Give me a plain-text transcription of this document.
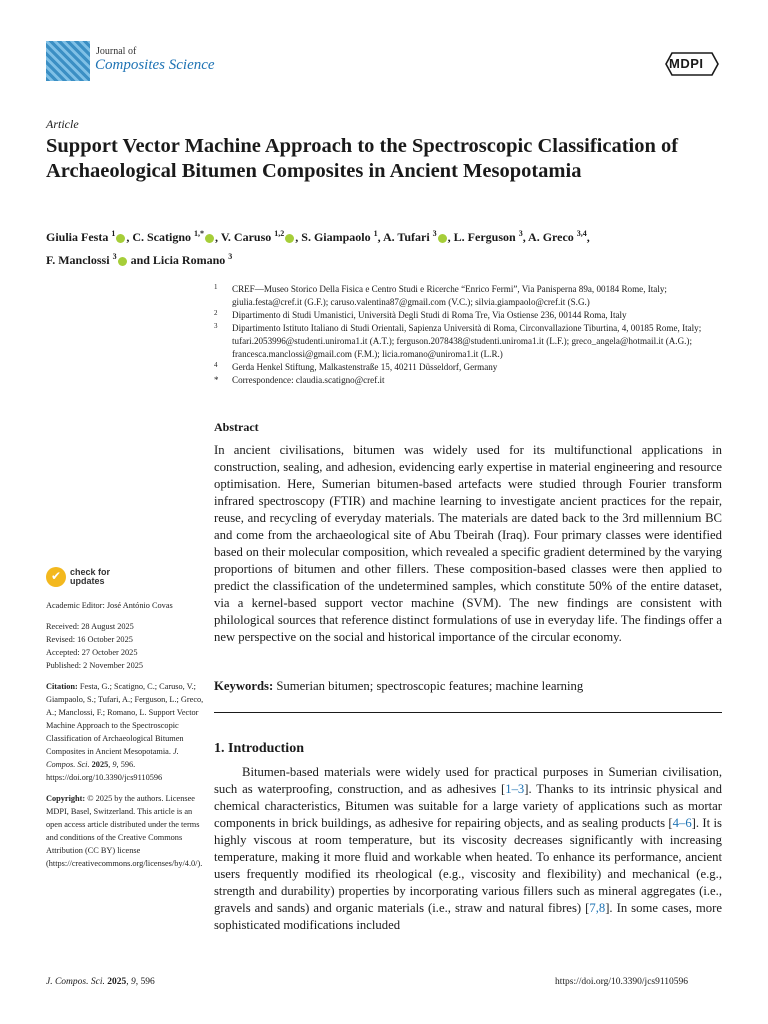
Journal of
Composites Science	MDPI
Article
Support Vector Machine Approach to the Spectroscopic Classification of Archaeological Bitumen Composites in Ancient Mesopotamia
Giulia Festa $^1$ , C. Scatigno $^{1,*}$ , V. Caruso $^{1,2}$ , S. Giampaolo $^1$, A. Tufari $^3$ , L. Ferguson $^3$, A. Greco $^{3,4}$,
F. Manclossi $^3$ and Licia Romano $^3$
1 CREF—Museo Storico Della Fisica e Centro Studi e Ricerche “Enrico Fermi”, Via Panisperna 89a, 00184 Rome, Italy; giulia.festa@cref.it (G.F.); caruso.valentina87@gmail.com (V.C.); silvia.giampaolo@cref.it (S.G.)
2 Dipartimento di Studi Umanistici, Università Degli Studi di Roma Tre, Via Ostiense 236, 00144 Roma, Italy
3 Dipartimento Istituto Italiano di Studi Orientali, Sapienza Università di Roma, Circonvallazione Tiburtina, 4, 00185 Rome, Italy; tufari.2053996@studenti.uniroma1.it (A.T.); ferguson.2078438@studenti.uniroma1.it (L.F.); greco_angela@hotmail.it (A.G.); francesca.manclossi@gmail.com (F.M.); licia.romano@uniroma1.it (L.R.)
4 Gerda Henkel Stiftung, Malkastenstraße 15, 40211 Düsseldorf, Germany
* Correspondence: claudia.scatigno@cref.it
Abstract
In ancient civilisations, bitumen was widely used for its multifunctional applications in construction, sealing, and adhesion, evidencing early expertise in material engineering and resource optimisation. Here, Sumerian bitumen-based artefacts were studied through Fourier transform infrared spectroscopy (FTIR) and machine learning to investigate ancient practices for the repair, reuse, and recycling of everyday materials. The materials are dated back to the 3rd millennium BC and come from the archaeological site of Abu Tbeirah (Iraq). Four primary classes were identified based on their molecular composition, which revealed a specific gradient determined by the varying proportions of bitumen and other fillers. These composition-based classes were then applied to predict the classification of the undetermined samples, which constitute 50% of the entire dataset, via a kernel-based support vector machine (SVM). The new findings are consistent with philological sources that reference distinct formulations of use in everyday life. The findings offer a new perspective on the social and historical importance of the circular economy.
Keywords: Sumerian bitumen; spectroscopic features; machine learning
1. Introduction
Bitumen-based materials were widely used for practical purposes in Sumerian civilisation, such as waterproofing, construction, and as adhesives [1–3]. Thanks to its intrinsic physical and chemical characteristics, Bitumen was suitable for a large variety of applications such as mortar components in brick buildings, as adhesive for repairing objects, and as sealing products [4–6]. It is highly viscous at room temperature, but its viscosity decreases significantly with increasing temperature, making it more fluid and workable when heated. To enhance its performance, ancient users frequently modified its rheological (e.g., viscosity and flexibility) and mechanical (e.g., strength and durability) properties by incorporating various fillers such as mineral aggregates (i.e., gravels and sands) and organic materials (i.e., straw and natural fibres) [7,8]. In some cases, more sophisticated modifications included
✔ check for
updates

Academic Editor: José António Covas

Received: 28 August 2025

Revised: 16 October 2025

Accepted: 27 October 2025

Published: 2 November 2025

Citation: Festa, G.; Scatigno, C.; Caruso, V.; Giampaolo, S.; Tufari, A.; Ferguson, L.; Greco, A.; Manclossi, F.; Romano, L. Support Vector Machine Approach to the Spectroscopic Classification of Archaeological Bitumen Composites in Ancient Mesopotamia. J. Compos. Sci. 2025, 9, 596. https://doi.org/10.3390/jcs9110596

Copyright: © 2025 by the authors. Licensee MDPI, Basel, Switzerland. This article is an open access article distributed under the terms and conditions of the Creative Commons Attribution (CC BY) license (https://creativecommons.org/licenses/by/4.0/).

J. Compos. Sci. 2025, 9, 596	https://doi.org/10.3390/jcs9110596
